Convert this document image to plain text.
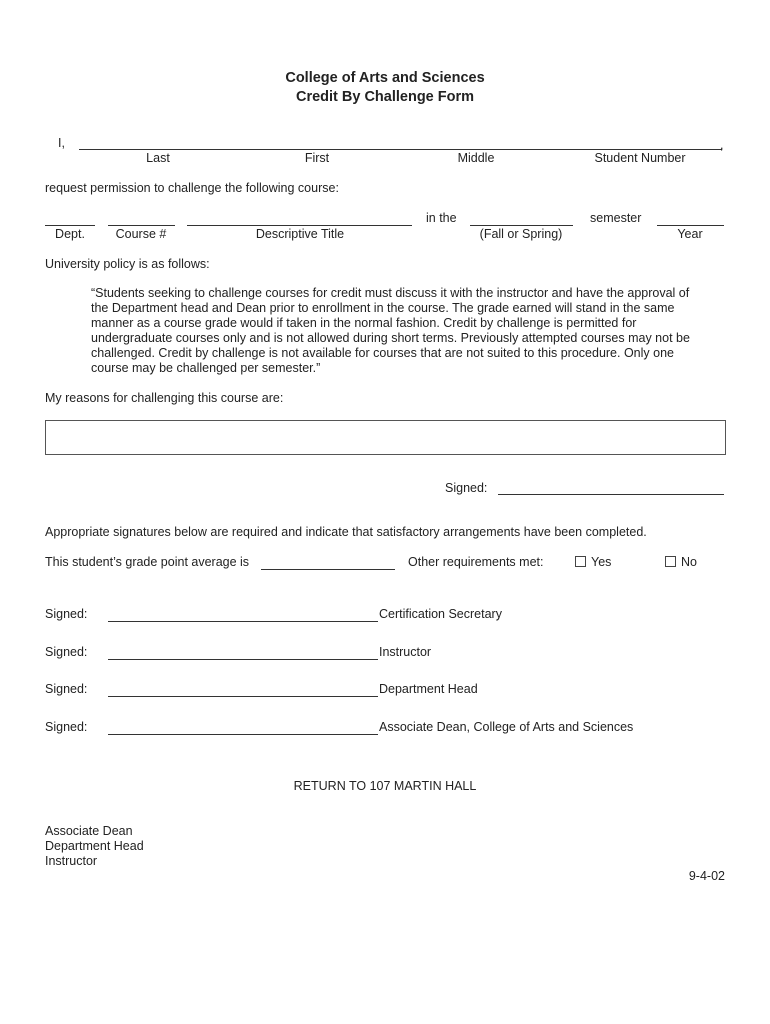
College of Arts and Sciences
Credit By Challenge Form
I,	,
Last	First	Middle	Student Number
request permission to challenge the following course:
in the	semester
Dept.	Course #	Descriptive Title	(Fall or Spring)	Year
University policy is as follows:
“Students seeking to challenge courses for credit must discuss it with the instructor and have the approval of the Department head and Dean prior to enrollment in the course. The grade earned will stand in the same manner as a course grade would if taken in the normal fashion. Credit by challenge is permitted for undergraduate courses only and is not allowed during short terms. Previously attempted courses may not be challenged. Credit by challenge is not available for courses that are not suited to this procedure. Only one course may be challenged per semester.”
My reasons for challenging this course are:
Signed:
Appropriate signatures below are required and indicate that satisfactory arrangements have been completed.
This student’s grade point average is	Other requirements met:	Yes	No
Signed:	Certification Secretary
Signed:	Instructor
Signed:	Department Head
Signed:	Associate Dean, College of Arts and Sciences
RETURN TO 107 MARTIN HALL
Associate Dean
Department Head
Instructor
9-4-02
